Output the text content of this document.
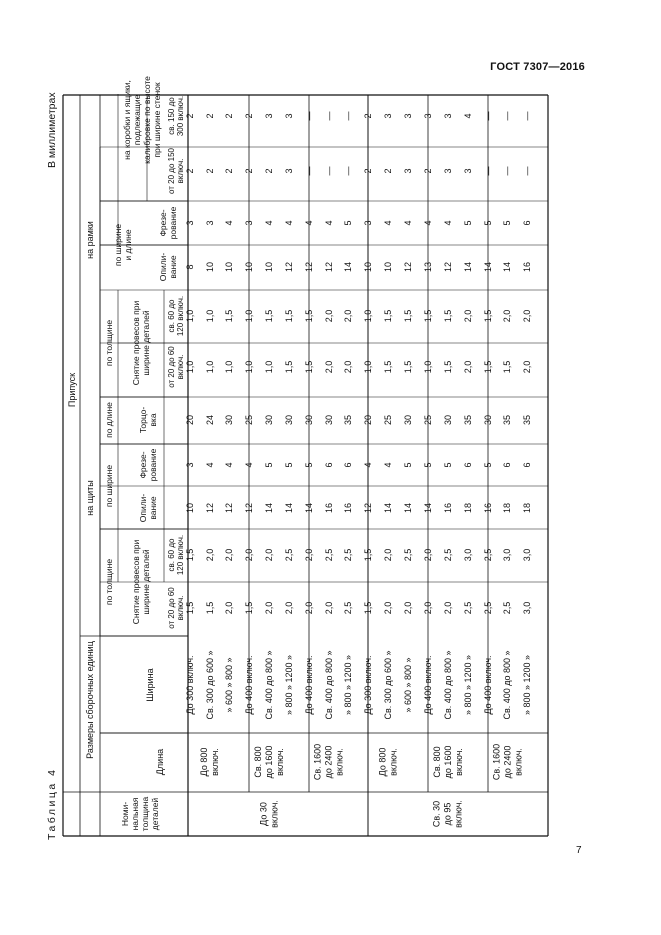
ГОСТ 7307—2016
В миллиметрах
Таблица 4
7
Размеры сборочных единиц
Номи- нальная толщина деталей
Длина
Ширина
Припуск
на щиты
на рамки
на коробки и ящики, подлежащие калибровке по высоте при ширине стенок
по толщине Снятие провесов при ширине деталей от 20 до 60 включ.
св. 60 до 120 включ.
по ширине
Опили- вание
Фрезе- рование
по длине	Торцо- вка
по толщине Снятие провесов при ширине деталей от 20 до 60 включ.
св. 60 до 120 включ.
по ширине и длине
Опили- вание
Фрезе- рование
от 20 до 150 включ.
св. 150 до 300 включ.
До 300 включ.
1,5
1,5
10
3
20
1,0
1,0
8
3
2
2
Св. 300 до 600 »
1,5
2,0
12
4
24
1,0
1,0
10
3
2
2
» 600 » 800 »
2,0
2,0
12
4
30
1,0
1,5
10
4
2
2
До 800 включ.
До 400 включ.
1,5
2,0
12
4
25
1,0
1,0
10
3
2
2
Св. 400 до 800 »
2,0
2,0
14
5
30
1,0
1,5
10
4
2
3
» 800 » 1200 »
2,0
2,5
14
5
30
1,5
1,5
12
4
3
3
Св. 800 до 1600 включ.
До 400 включ.
2,0
2,0
14
5
30
1,5
1,5
12
4
—
—
Св. 400 до 800 »
2,0
2,5
16
6
30
2,0
2,0
12
4
—
—
» 800 » 1200 »
2,5
2,5
16
6
35
2,0
2,0
14
5
—
—
Св. 1600 до 2400 включ.
До 30 включ.
До 300 включ.
1,5
1,5
12
4
20
1,0
1,0
10
3
2
2
Св. 300 до 600 »
2,0
2,0
14
4
25
1,5
1,5
10
4
2
3
» 600 » 800 »
2,0
2,5
14
5
30
1,5
1,5
12
4
3
3
До 800 включ.
До 400 включ.
2,0
2,0
14
5
25
1,0
1,5
13
4
2
3
Св. 400 до 800 »
2,0
2,5
16
5
30
1,5
1,5
12
4
3
3
» 800 » 1200 »
2,5
3,0
18
6
35
2,0
2,0
14
5
3
4
Св. 800 до 1600 включ.
До 400 включ.
2,5
2,5
16
5
30
1,5
1,5
14
5
—
—
Св. 400 до 800 »
2,5
3,0
18
6
35
1,5
2,0
14
5
—
—
» 800 » 1200 »
3,0
3,0
18
6
35
2,0
2,0
16
6
—
—
Св. 1600 до 2400 включ.
Св. 30 до 95 включ.
